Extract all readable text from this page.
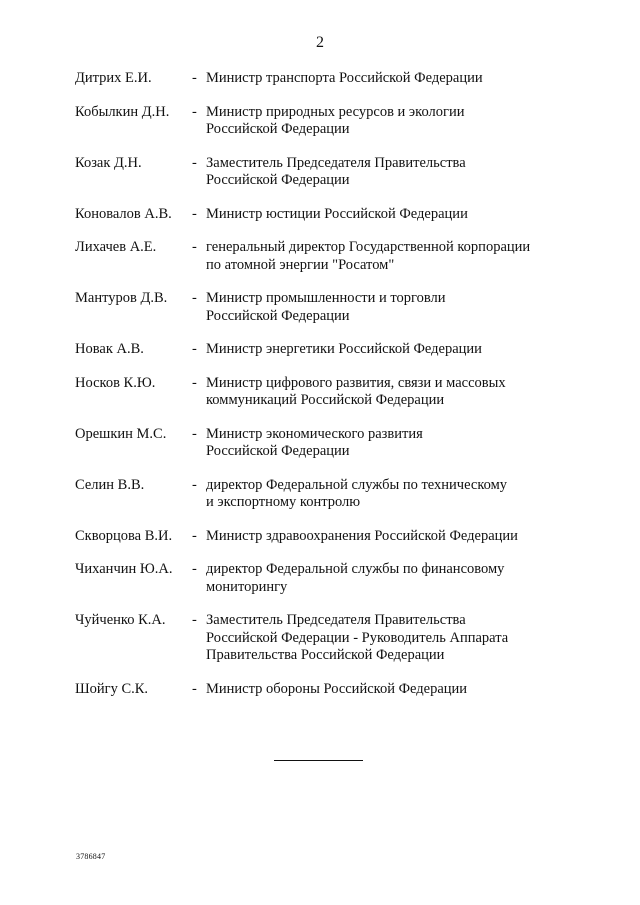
2
Дитрих Е.И.	- Министр транспорта Российской Федерации
Кобылкин Д.Н.	- Министр природных ресурсов и экологии
Российской Федерации
Козак Д.Н.	- Заместитель Председателя Правительства
Российской Федерации
Коновалов А.В.	- Министр юстиции Российской Федерации
Лихачев А.Е.	- генеральный директор Государственной корпорации
по атомной энергии "Росатом"
Мантуров Д.В.	- Министр промышленности и торговли
Российской Федерации
Новак А.В.	- Министр энергетики Российской Федерации
Носков К.Ю.	- Министр цифрового развития, связи и массовых
коммуникаций Российской Федерации
Орешкин М.С.	- Министр экономического развития
Российской Федерации
Селин В.В.	- директор Федеральной службы по техническому
и экспортному контролю
Скворцова В.И.	- Министр здравоохранения Российской Федерации
Чиханчин Ю.А.	- директор Федеральной службы по финансовому
мониторингу
Чуйченко К.А.	- Заместитель Председателя Правительства
Российской Федерации - Руководитель Аппарата
Правительства Российской Федерации
Шойгу С.К.	- Министр обороны Российской Федерации
3786847
